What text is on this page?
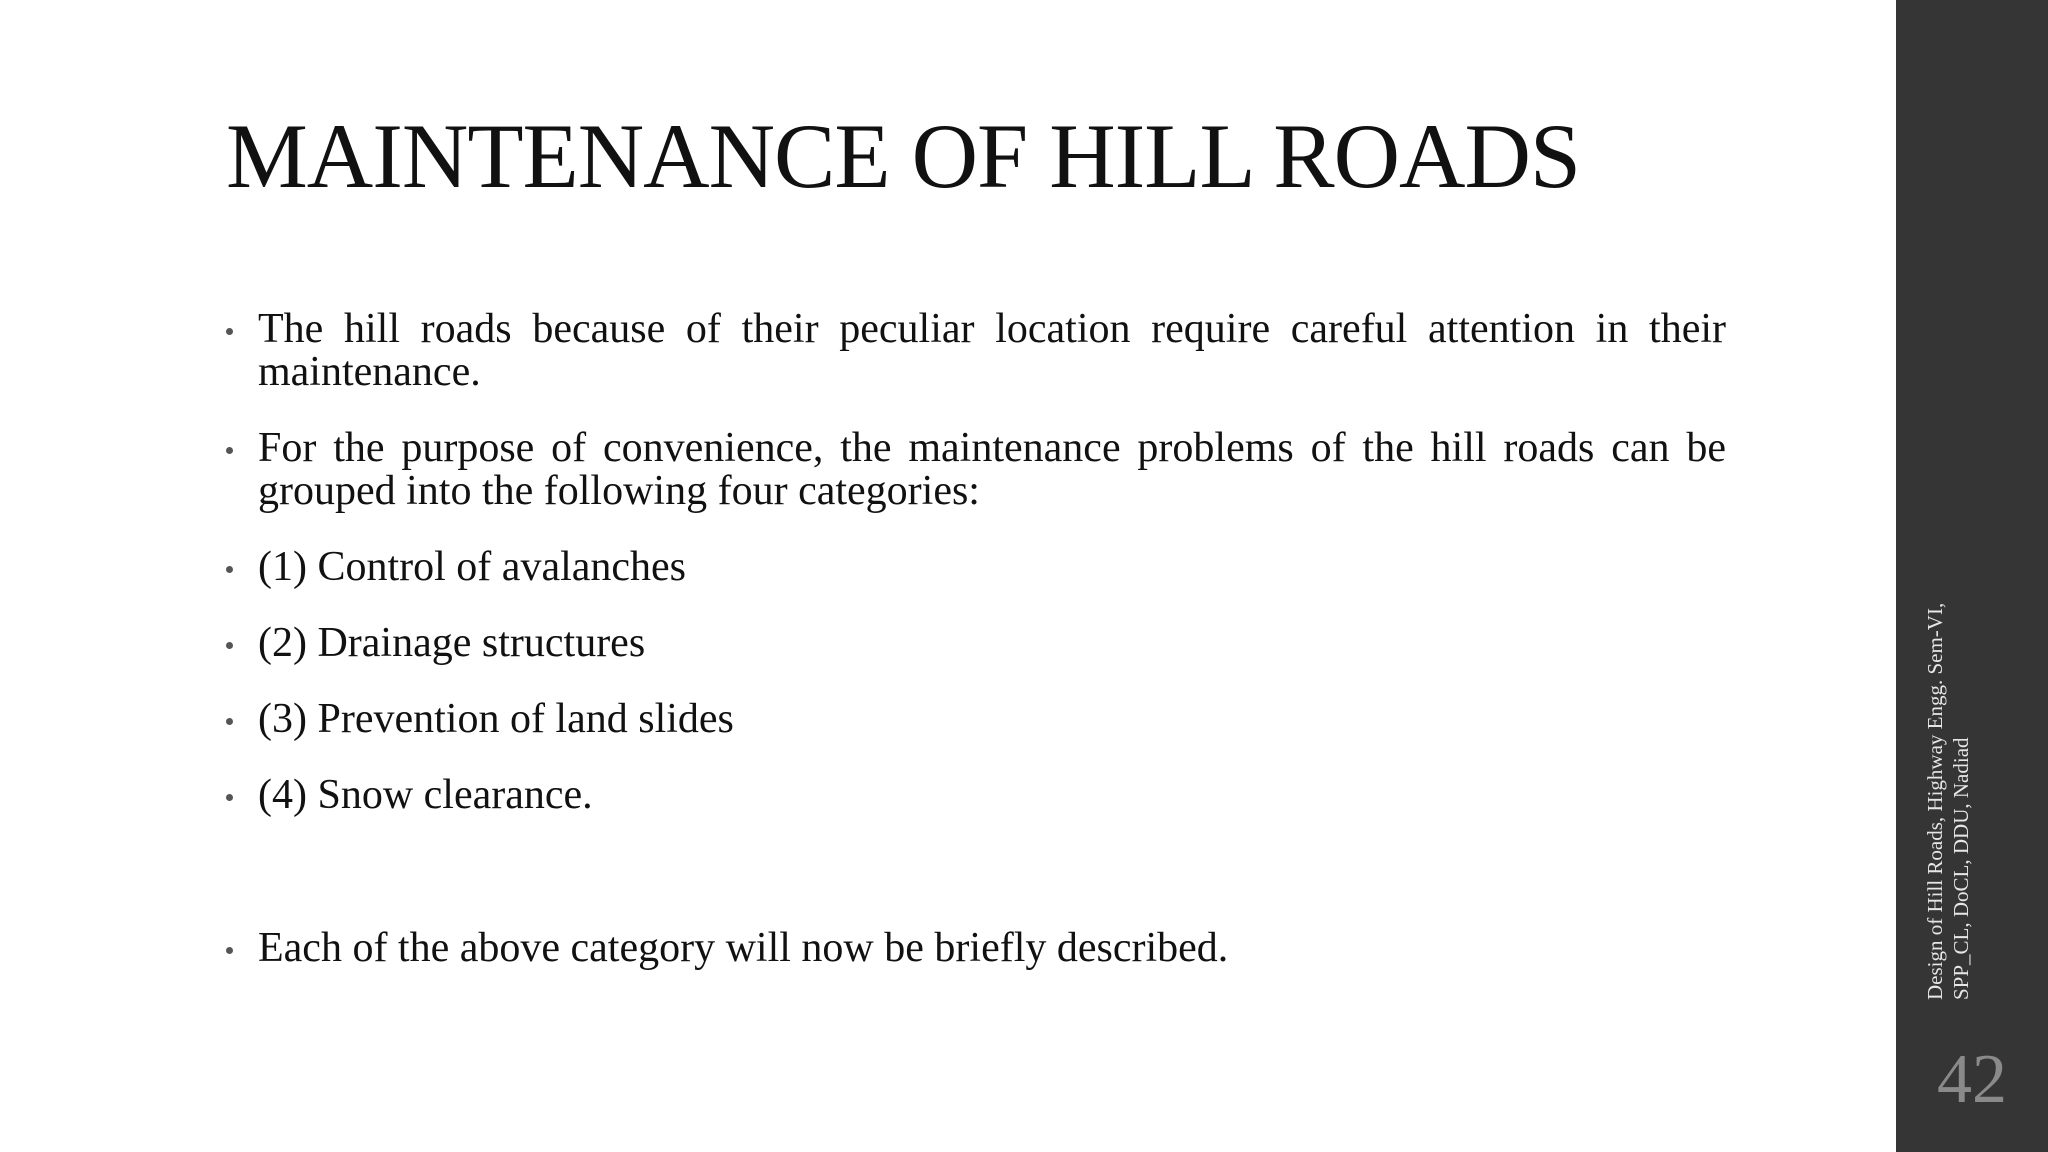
MAINTENANCE OF HILL ROADS
The hill roads because of their peculiar location require careful attention in their maintenance.
For the purpose of convenience, the maintenance problems of the hill roads can be grouped into the following four categories:
(1) Control of avalanches
(2) Drainage structures
(3) Prevention of land slides
(4) Snow clearance.
Each of the above category will now be briefly described.	Design of Hill Roads, Highway Engg. Sem-VI, SPP_CL, DoCL, DDU, Nadiad
42
